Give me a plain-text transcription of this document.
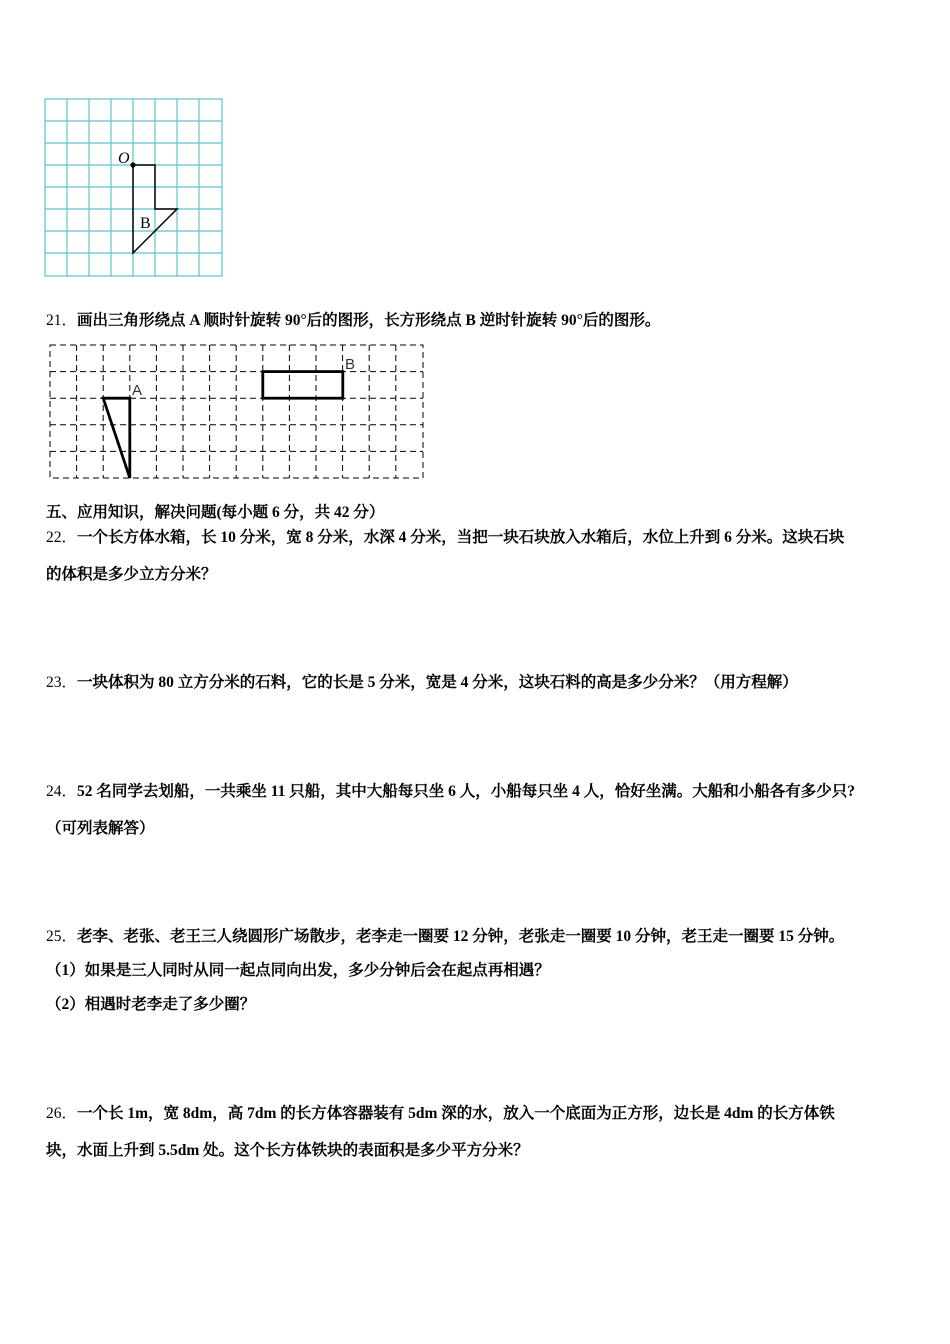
O
B
21．画出三角形绕点 A 顺时针旋转 90°后的图形，长方形绕点 B 逆时针旋转 90°后的图形。
A
B
五、应用知识，解决问题(每小题 6 分，共 42 分）
22．一个长方体水箱，长 10 分米，宽 8 分米，水深 4 分米，当把一块石块放入水箱后，水位上升到 6 分米。这块石块
的体积是多少立方分米？
23．一块体积为 80 立方分米的石料，它的长是 5 分米，宽是 4 分米，这块石料的高是多少分米？（用方程解）
24．52 名同学去划船，一共乘坐 11 只船，其中大船每只坐 6 人，小船每只坐 4 人，恰好坐满。大船和小船各有多少只?
（可列表解答）
25．老李、老张、老王三人绕圆形广场散步，老李走一圈要 12 分钟，老张走一圈要 10 分钟，老王走一圈要 15 分钟。
（1）如果是三人同时从同一起点同向出发，多少分钟后会在起点再相遇？
（2）相遇时老李走了多少圈？
26．一个长 1m，宽 8dm，高 7dm 的长方体容器装有 5dm 深的水，放入一个底面为正方形，边长是 4dm 的长方体铁
块，水面上升到 5.5dm 处。这个长方体铁块的表面积是多少平方分米？
